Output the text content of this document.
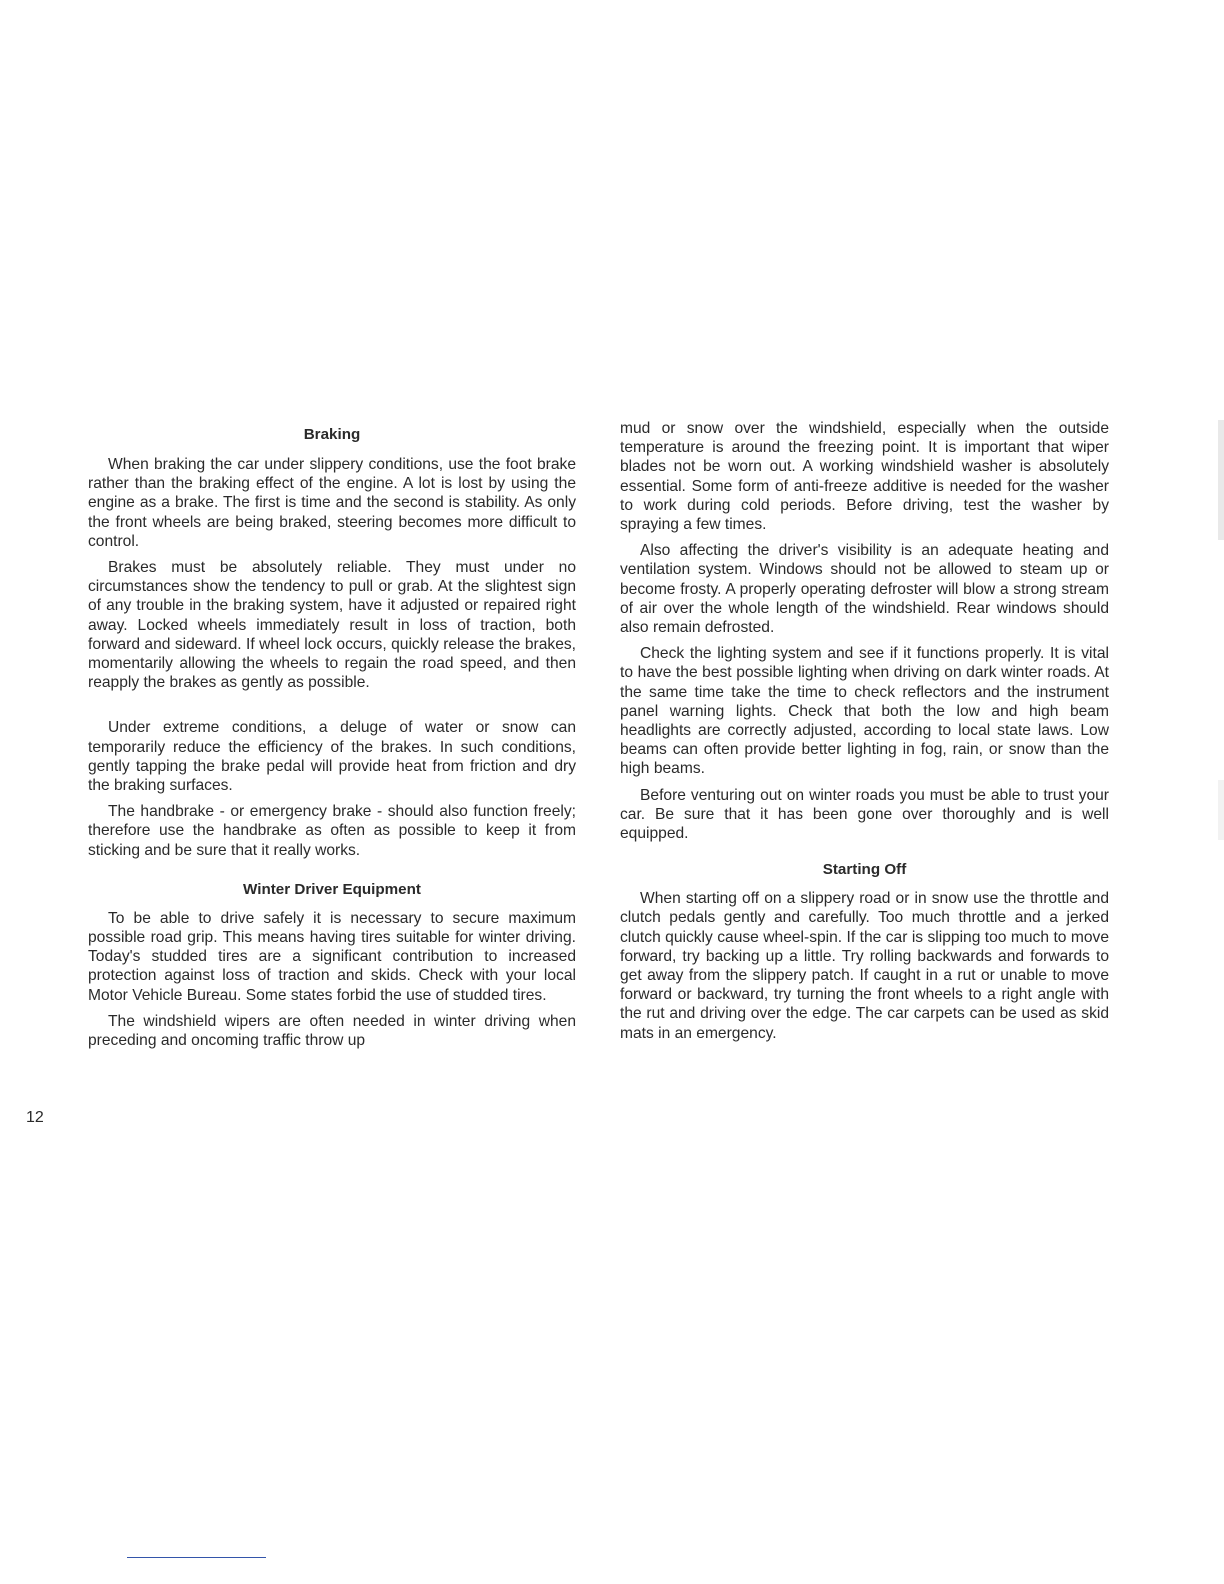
Braking

When braking the car under slippery conditions, use the foot brake rather than the braking effect of the engine. A lot is lost by using the engine as a brake. The first is time and the second is stability. As only the front wheels are being braked, steering becomes more difficult to control.

Brakes must be absolutely reliable. They must under no circumstances show the tendency to pull or grab. At the slightest sign of any trouble in the braking system, have it adjusted or repaired right away. Locked wheels immediately result in loss of traction, both forward and sideward. If wheel lock occurs, quickly release the brakes, momentarily allowing the wheels to regain the road speed, and then reapply the brakes as gently as possible.

Under extreme conditions, a deluge of water or snow can temporarily reduce the efficiency of the brakes. In such conditions, gently tapping the brake pedal will provide heat from friction and dry the braking surfaces.

The handbrake - or emergency brake - should also function freely; therefore use the handbrake as often as possible to keep it from sticking and be sure that it really works.

Winter Driver Equipment

To be able to drive safely it is necessary to secure maximum possible road grip. This means having tires suitable for winter driving. Today's studded tires are a significant contribution to increased protection against loss of traction and skids. Check with your local Motor Vehicle Bureau. Some states forbid the use of studded tires.

The windshield wipers are often needed in winter driving when preceding and oncoming traffic throw up

mud or snow over the windshield, especially when the outside temperature is around the freezing point. It is important that wiper blades not be worn out. A working windshield washer is absolutely essential. Some form of anti-freeze additive is needed for the washer to work during cold periods. Before driving, test the washer by spraying a few times.

Also affecting the driver's visibility is an adequate heating and ventilation system. Windows should not be allowed to steam up or become frosty. A properly operating defroster will blow a strong stream of air over the whole length of the windshield. Rear windows should also remain defrosted.

Check the lighting system and see if it functions properly. It is vital to have the best possible lighting when driving on dark winter roads. At the same time take the time to check reflectors and the instrument panel warning lights. Check that both the low and high beam headlights are correctly adjusted, according to local state laws. Low beams can often provide better lighting in fog, rain, or snow than the high beams.

Before venturing out on winter roads you must be able to trust your car. Be sure that it has been gone over thoroughly and is well equipped.

Starting Off

When starting off on a slippery road or in snow use the throttle and clutch pedals gently and carefully. Too much throttle and a jerked clutch quickly cause wheel-spin. If the car is slipping too much to move forward, try backing up a little. Try rolling backwards and forwards to get away from the slippery patch. If caught in a rut or unable to move forward or backward, try turning the front wheels to a right angle with the rut and driving over the edge. The car carpets can be used as skid mats in an emergency.

12
